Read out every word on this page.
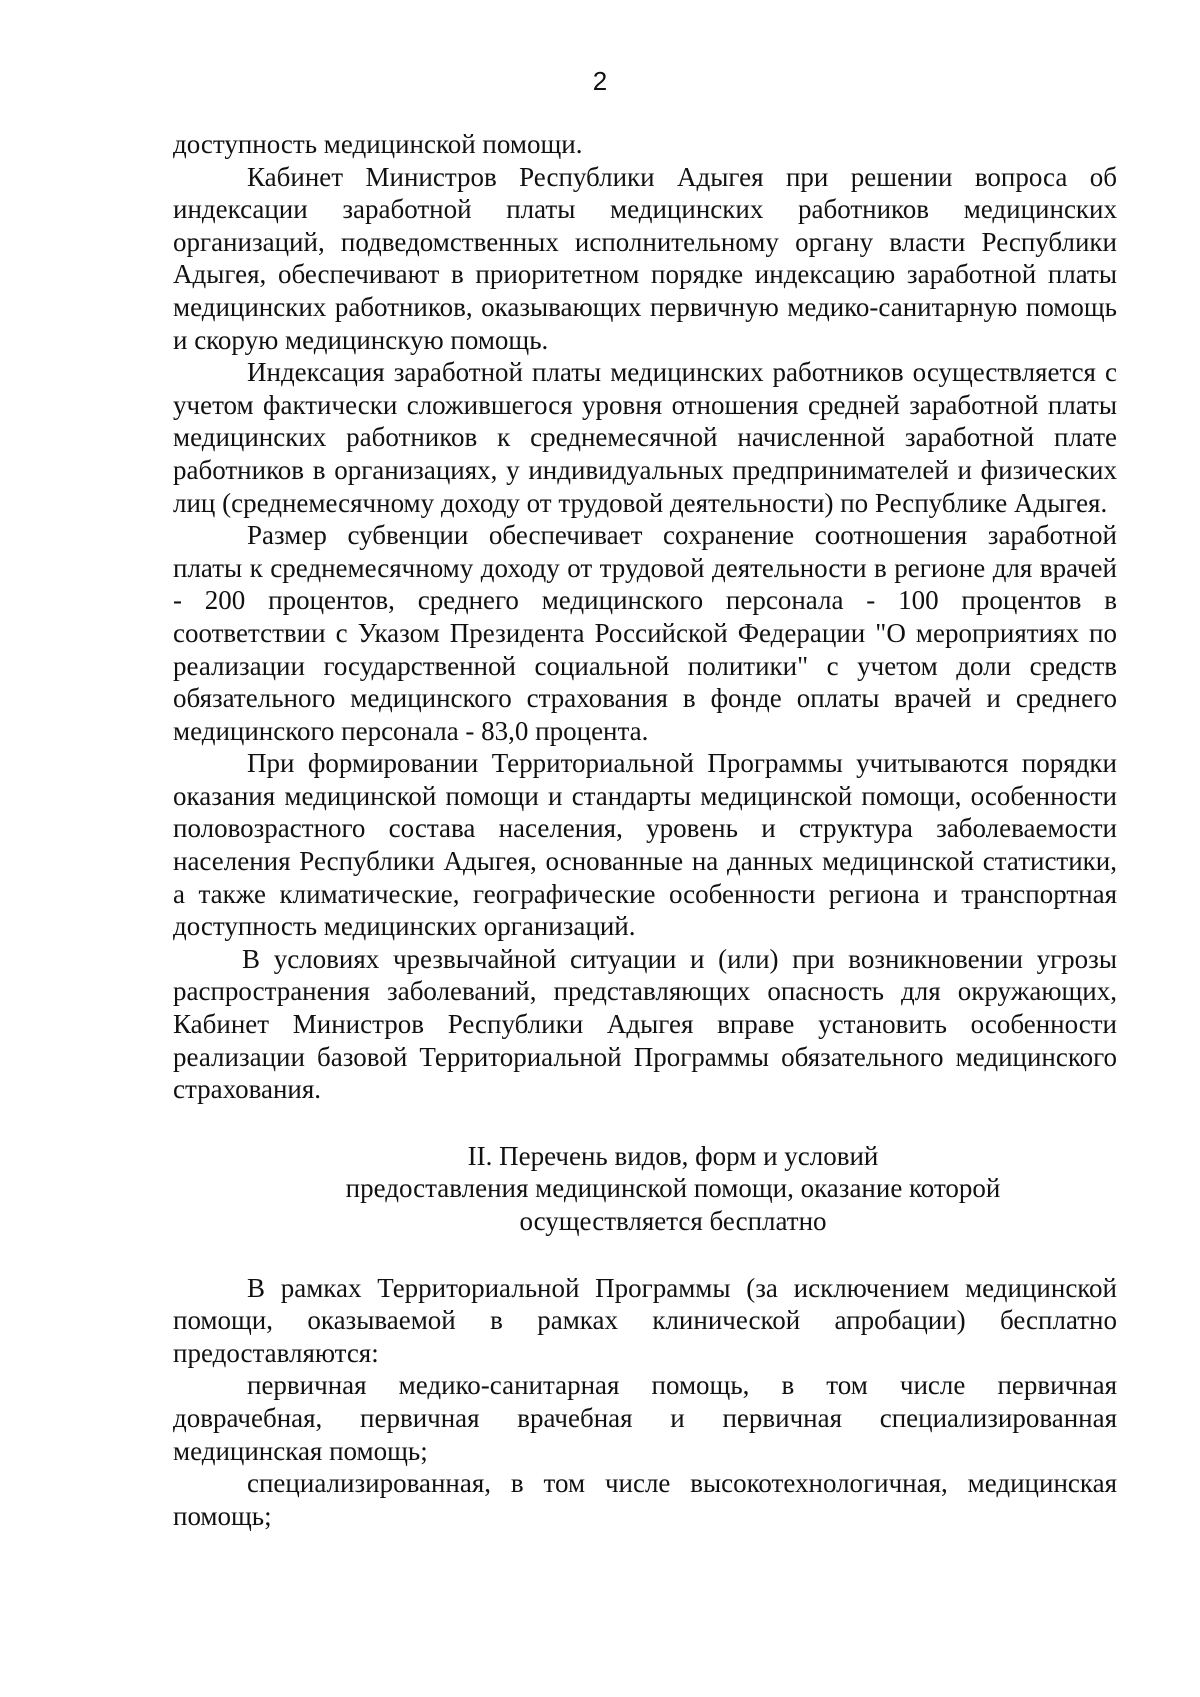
2

доступность медицинской помощи.

Кабинет Министров Республики Адыгея при решении вопроса об индексации заработной платы медицинских работников медицинских организаций, подведомственных исполнительному органу власти Республики Адыгея, обеспечивают в приоритетном порядке индексацию заработной платы медицинских работников, оказывающих первичную медико-санитарную помощь и скорую медицинскую помощь.

Индексация заработной платы медицинских работников осуществляется с учетом фактически сложившегося уровня отношения средней заработной платы медицинских работников к среднемесячной начисленной заработной плате работников в организациях, у индивидуальных предпринимателей и физических лиц (среднемесячному доходу от трудовой деятельности) по Республике Адыгея.

Размер субвенции обеспечивает сохранение соотношения заработной платы к среднемесячному доходу от трудовой деятельности в регионе для врачей - 200 процентов, среднего медицинского персонала - 100 процентов в соответствии с Указом Президента Российской Федерации "О мероприятиях по реализации государственной социальной политики" с учетом доли средств обязательного медицинского страхования в фонде оплаты врачей и среднего медицинского персонала - 83,0 процента.

При формировании Территориальной Программы учитываются порядки оказания медицинской помощи и стандарты медицинской помощи, особенности половозрастного состава населения, уровень и структура заболеваемости населения Республики Адыгея, основанные на данных медицинской статистики, а также климатические, географические особенности региона и транспортная доступность медицинских организаций.

В условиях чрезвычайной ситуации и (или) при возникновении угрозы распространения заболеваний, представляющих опасность для окружающих, Кабинет Министров Республики Адыгея вправе установить особенности реализации базовой Территориальной Программы обязательного медицинского страхования.

II. Перечень видов, форм и условий
предоставления медицинской помощи, оказание которой
осуществляется бесплатно

В рамках Территориальной Программы (за исключением медицинской помощи, оказываемой в рамках клинической апробации) бесплатно предоставляются:

первичная медико-санитарная помощь, в том числе первичная доврачебная, первичная врачебная и первичная специализированная медицинская помощь;

специализированная, в том числе высокотехнологичная, медицинская помощь;
